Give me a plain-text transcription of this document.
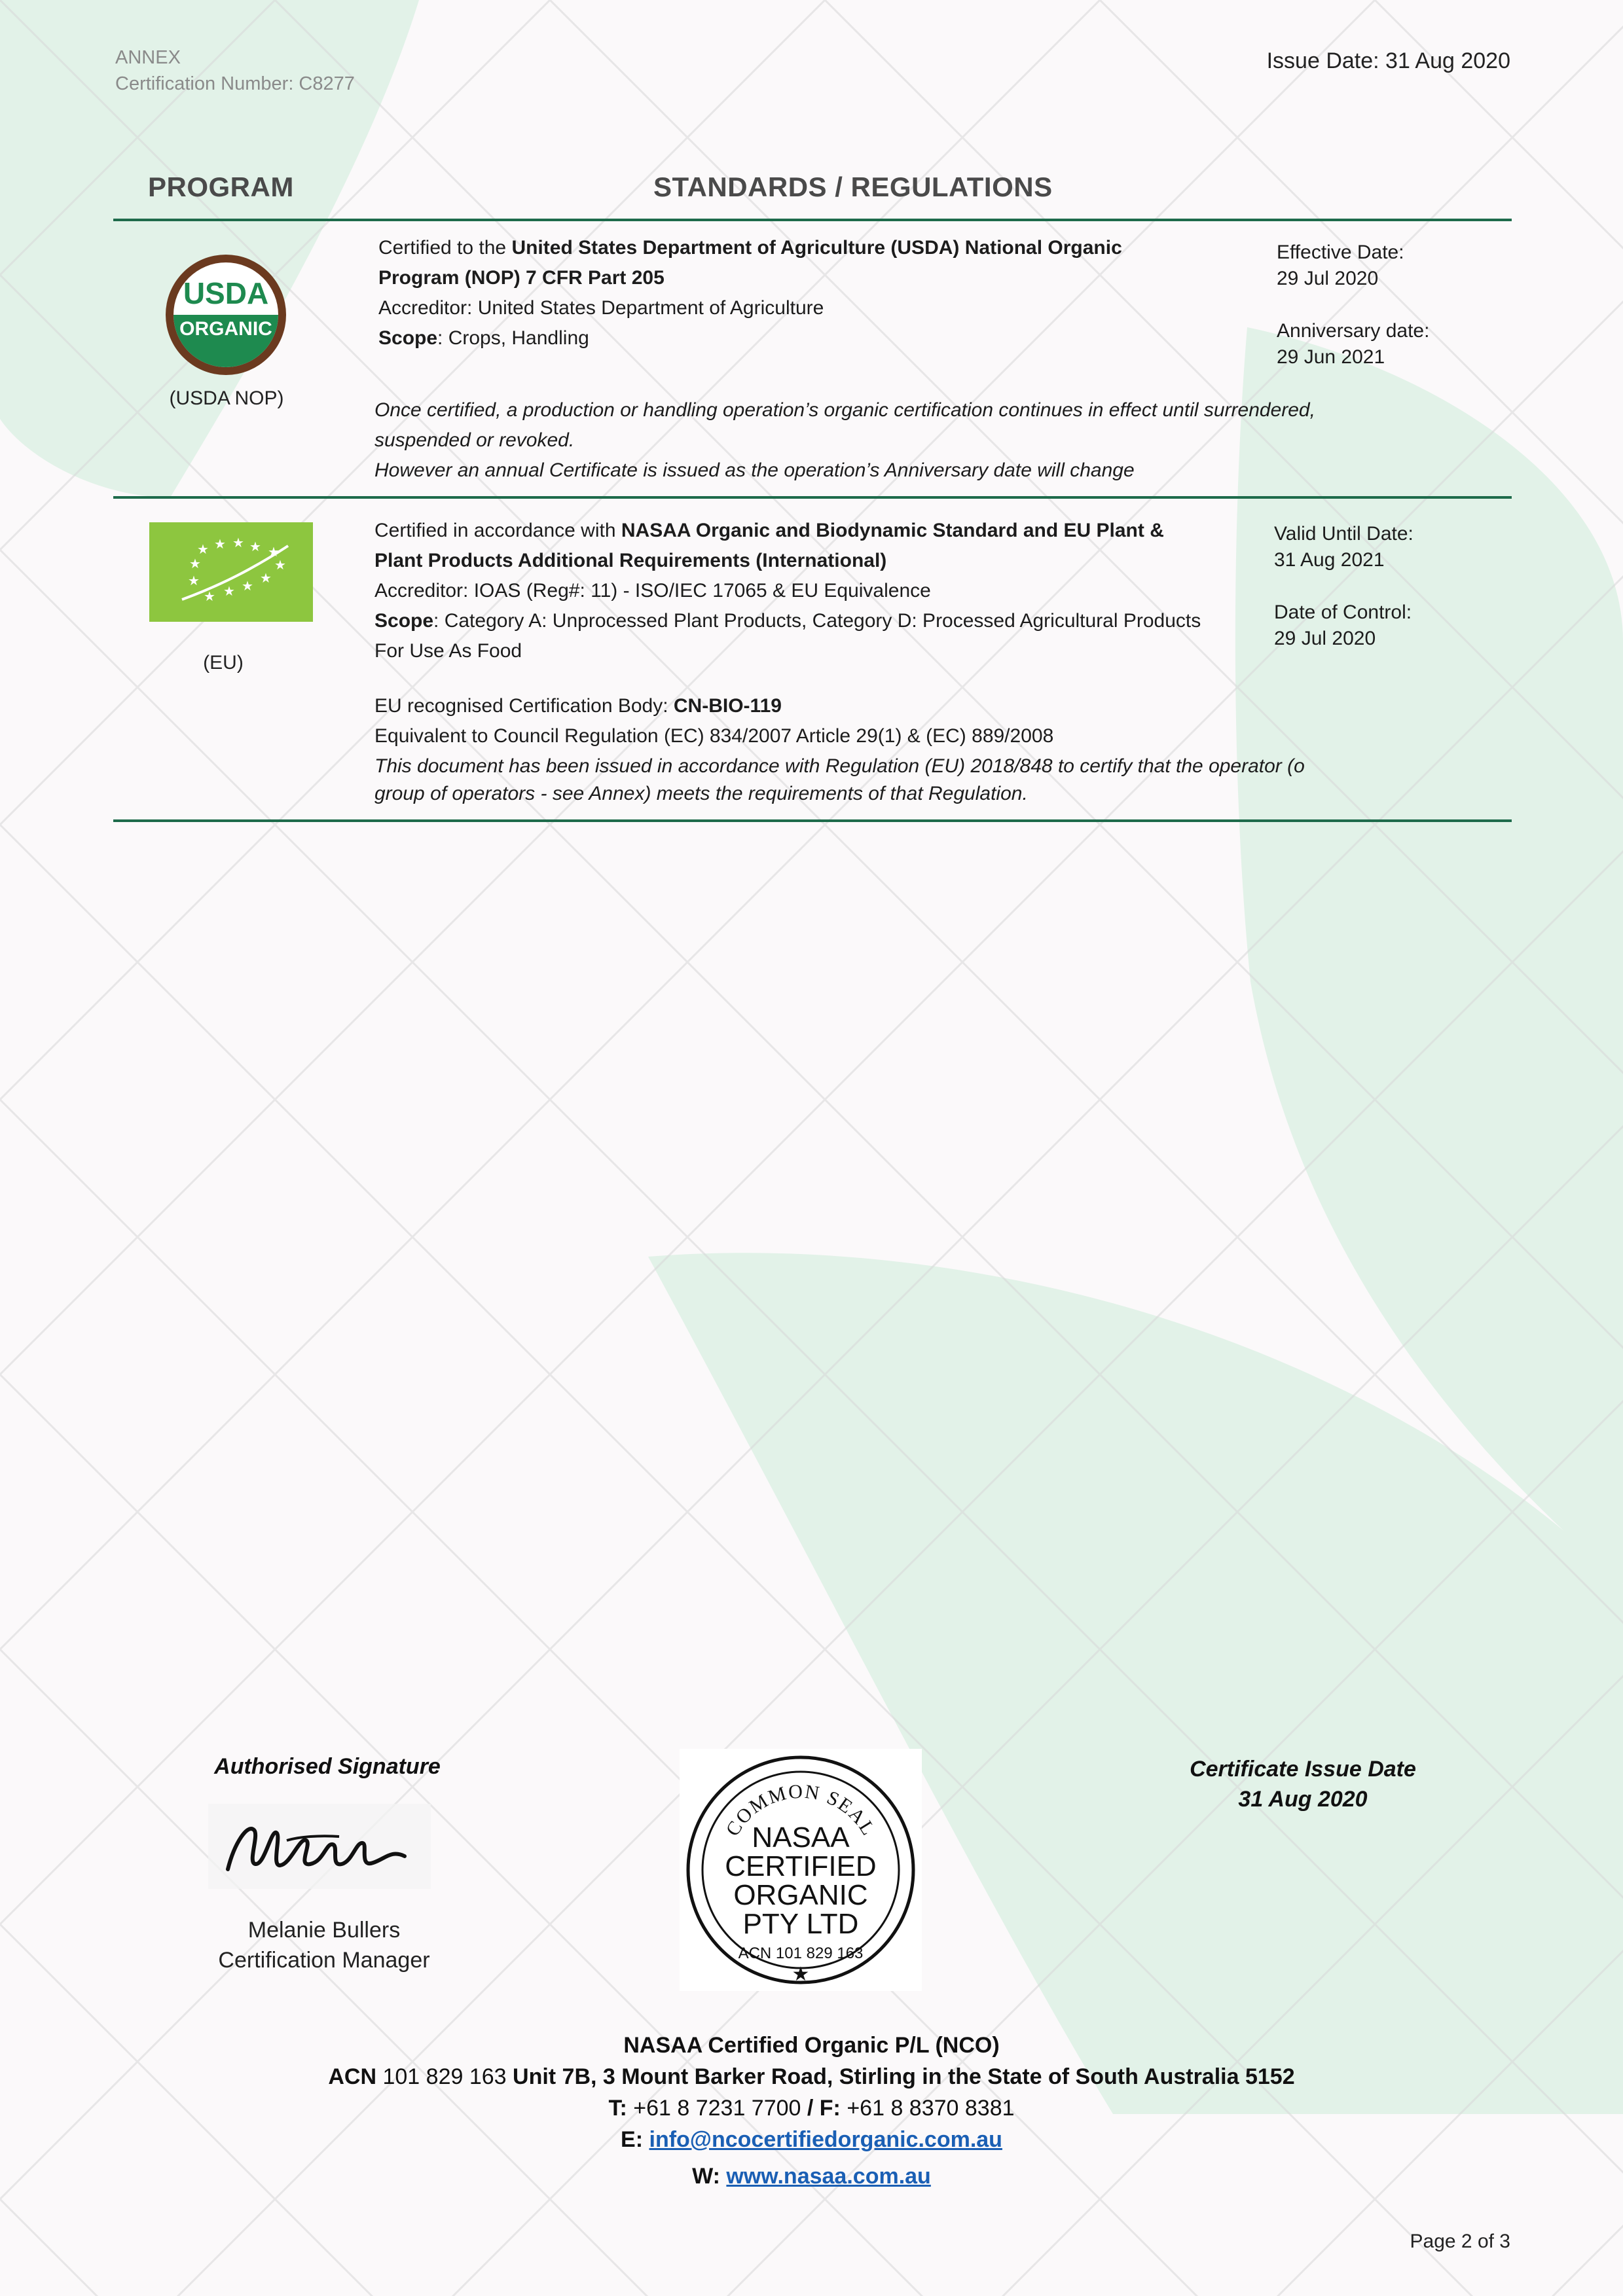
ANNEX
Certification Number: C8277
Issue Date: 31 Aug 2020
PROGRAM	STANDARDS / REGULATIONS
USDA
ORGANIC
(USDA NOP)
Certified to the United States Department of Agriculture (USDA) National Organic
Program (NOP) 7 CFR Part 205
Accreditor: United States Department of Agriculture
Scope: Crops, Handling
Effective Date:
29 Jul 2020
Anniversary date:
29 Jun 2021
Once certified, a production or handling operation’s organic certification continues in effect until surrendered,
suspended or revoked.
However an annual Certificate is issued as the operation’s Anniversary date will change
★ ★ ★ ★ ★
★
★
★
★ ★ ★ ★
(EU)
Certified in accordance with NASAA Organic and Biodynamic Standard and EU Plant &
Plant Products Additional Requirements (International)
Accreditor: IOAS (Reg#: 11) - ISO/IEC 17065 & EU Equivalence
Scope: Category A: Unprocessed Plant Products, Category D: Processed Agricultural Products
For Use As Food
Valid Until Date:
31 Aug 2021
Date of Control:
29 Jul 2020
EU recognised Certification Body: CN-BIO-119
Equivalent to Council Regulation (EC) 834/2007 Article 29(1) & (EC) 889/2008
This document has been issued in accordance with Regulation (EU) 2018/848 to certify that the operator (o
group of operators - see Annex) meets the requirements of that Regulation.
Authorised Signature
Melanie Bullers
Certification Manager
COMMON SEAL
NASAA
CERTIFIED
ORGANIC
PTY LTD
ACN 101 829 163
★
Certificate Issue Date
31 Aug 2020
NASAA Certified Organic P/L (NCO)
ACN 101 829 163 Unit 7B, 3 Mount Barker Road, Stirling in the State of South Australia 5152
T: +61 8 7231 7700 / F: +61 8 8370 8381
E: info@ncocertifiedorganic.com.au
W: www.nasaa.com.au
Page 2 of 3
